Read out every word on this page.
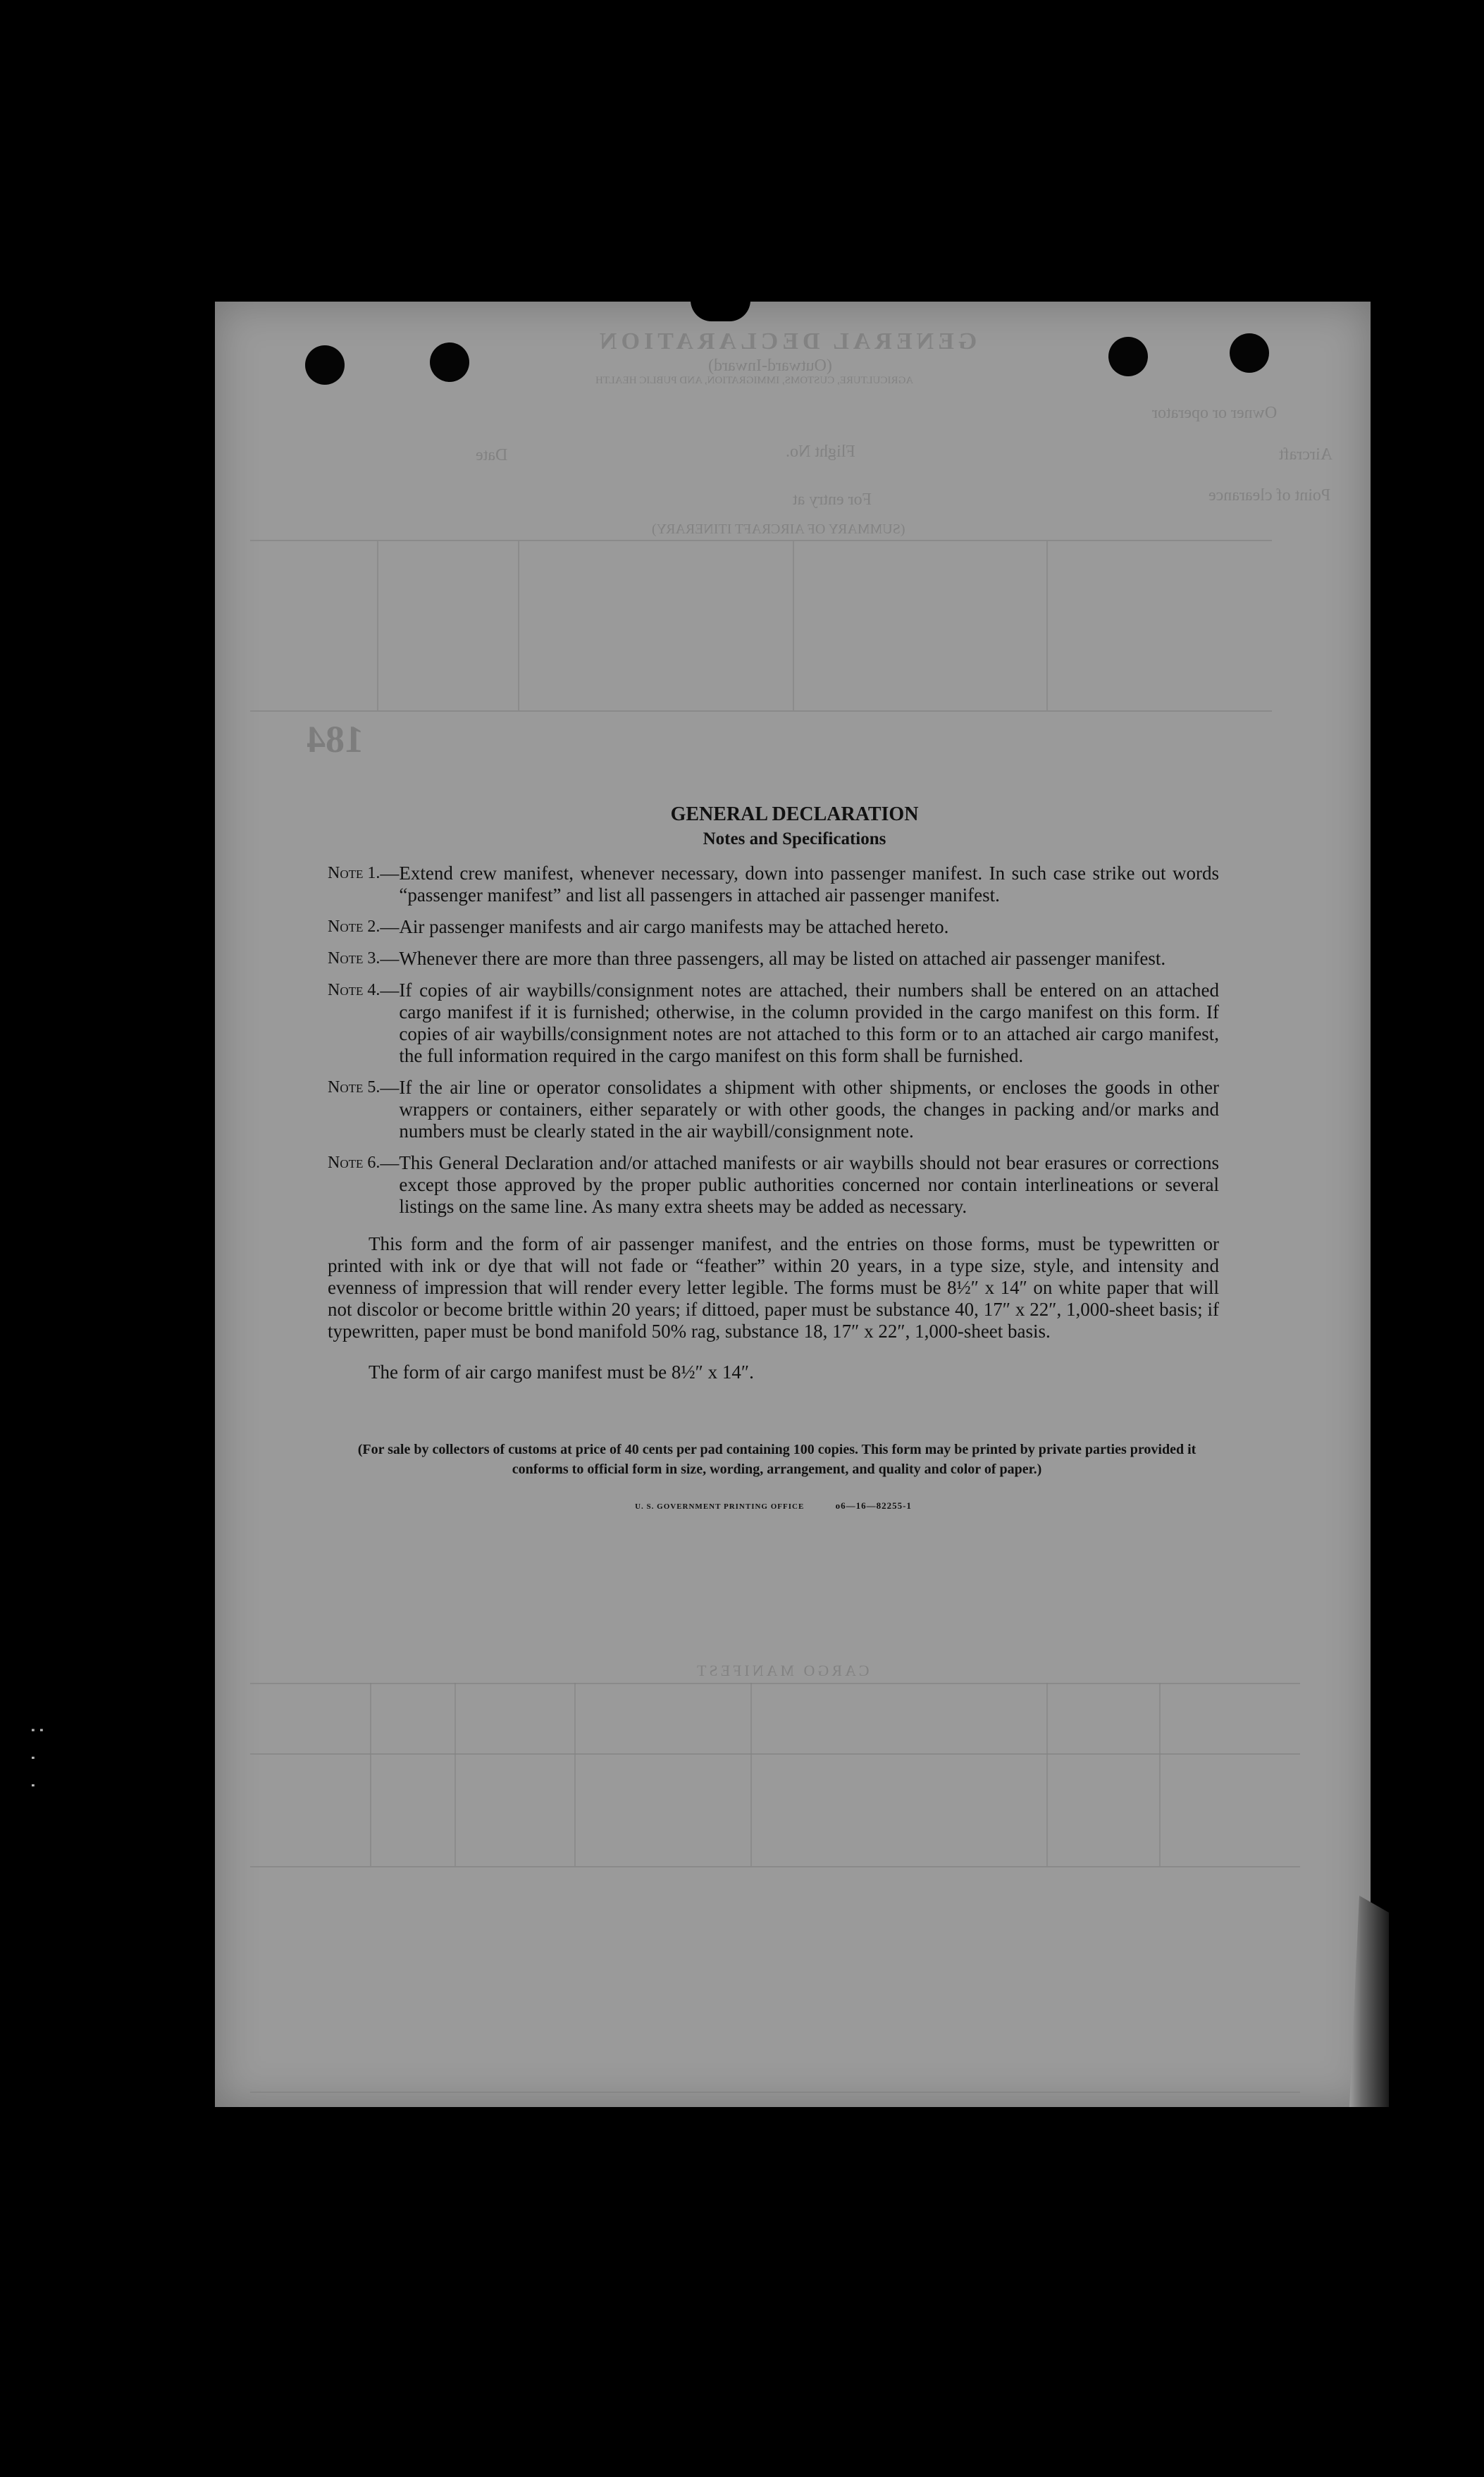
GENERAL DECLARATION
(Outward-Inward)
AGRICULTURE, CUSTOMS, IMMIGRATION, AND PUBLIC HEALTH
Owner or operator
Aircraft
Flight No.
Date
Point of clearance
For entry at
(SUMMARY OF AIRCRAFT ITINERARY)
184
CARGO MANIFEST
: . .
GENERAL DECLARATION
Notes and Specifications
Note 1. — Extend crew manifest, whenever necessary, down into passenger manifest. In such case strike out words “passenger manifest” and list all passengers in attached air passenger manifest.
Note 2. — Air passenger manifests and air cargo manifests may be attached hereto.
Note 3. — Whenever there are more than three passengers, all may be listed on attached air passenger manifest.
Note 4. — If copies of air waybills/consignment notes are attached, their numbers shall be entered on an attached cargo manifest if it is furnished; otherwise, in the column provided in the cargo manifest on this form. If copies of air waybills/consignment notes are not attached to this form or to an attached air cargo manifest, the full information required in the cargo manifest on this form shall be furnished.
Note 5. — If the air line or operator consolidates a shipment with other shipments, or encloses the goods in other wrappers or containers, either separately or with other goods, the changes in packing and/or marks and numbers must be clearly stated in the air waybill/consignment note.
Note 6. — This General Declaration and/or attached manifests or air waybills should not bear erasures or corrections except those approved by the proper public authorities concerned nor contain interlineations or several listings on the same line. As many extra sheets may be added as necessary.

This form and the form of air passenger manifest, and the entries on those forms, must be typewritten or printed with ink or dye that will not fade or “feather” within 20 years, in a type size, style, and intensity and evenness of impression that will render every letter legible. The forms must be 8½″ x 14″ on white paper that will not discolor or become brittle within 20 years; if dittoed, paper must be substance 40, 17″ x 22″, 1,000-sheet basis; if typewritten, paper must be bond manifold 50% rag, substance 18, 17″ x 22″, 1,000-sheet basis.

The form of air cargo manifest must be 8½″ x 14″.

(For sale by collectors of customs at price of 40 cents per pad containing 100 copies. This form may be printed by private parties provided it conforms to official form in size, wording, arrangement, and quality and color of paper.)
U. S. GOVERNMENT PRINTING OFFICE	o6—16—82255-1
